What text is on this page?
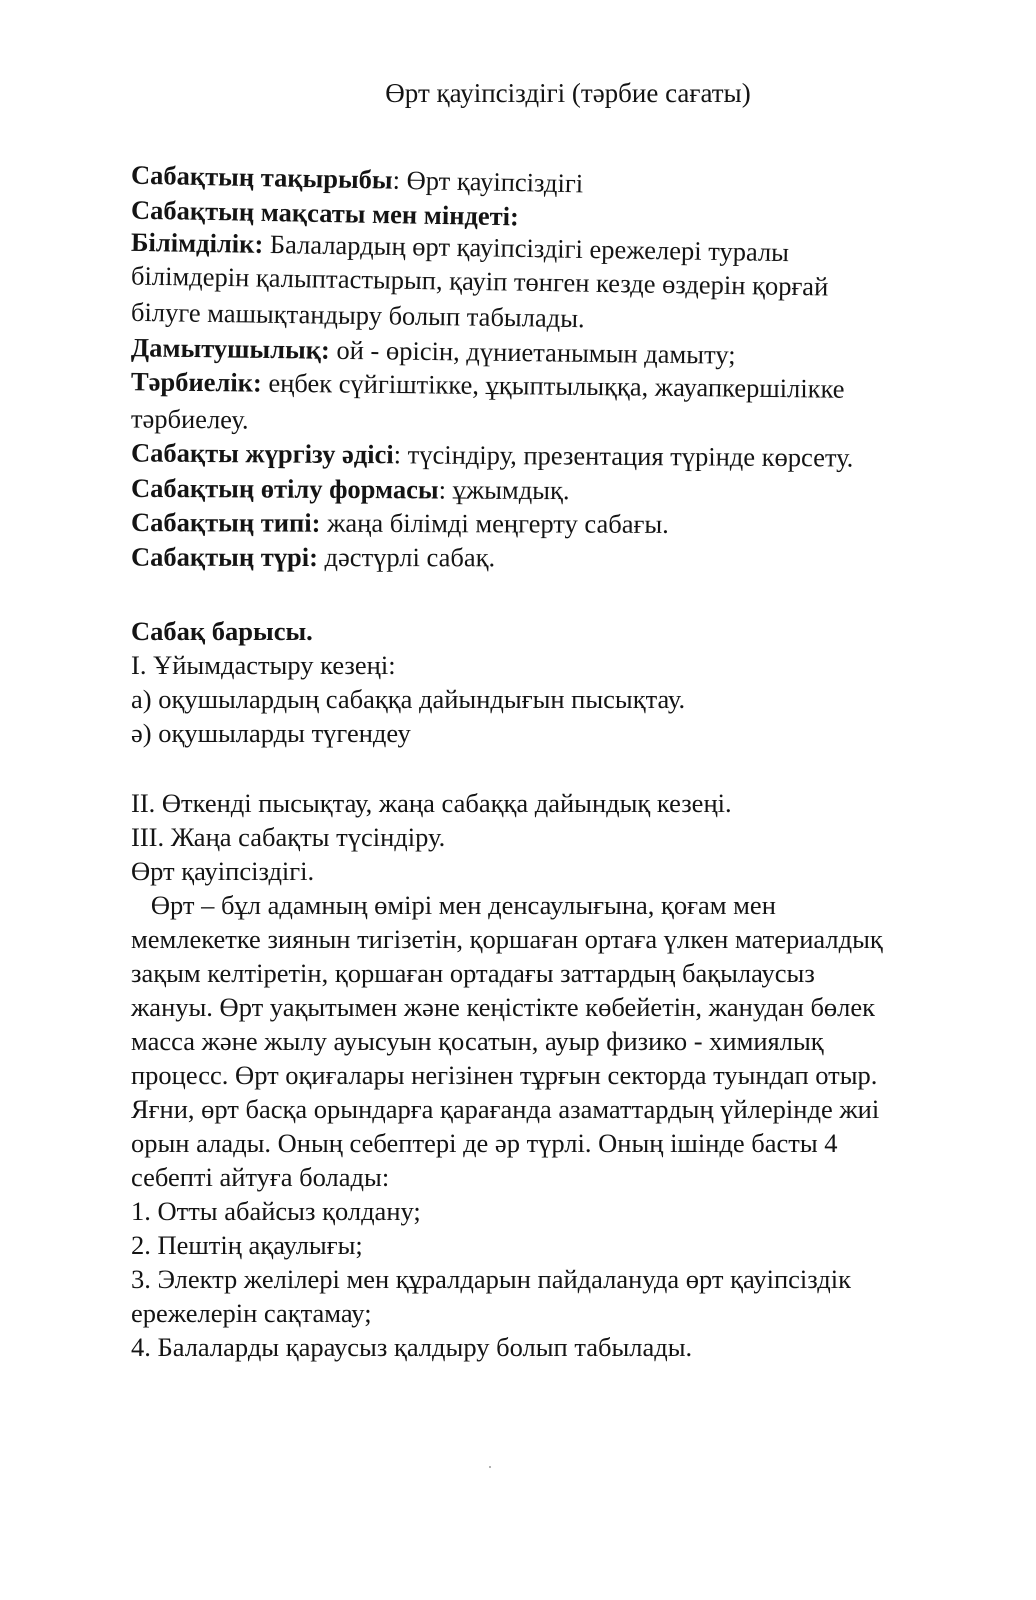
Өрт қауіпсіздігі (тәрбие сағаты)

Сабақтың тақырыбы: Өрт қауіпсіздігі

Сабақтың мақсаты мен міндеті:

Білімділік: Балалардың өрт қауіпсіздігі ережелері туралы

білімдерін қалыптастырып, қауіп төнген кезде өздерін қорғай

білуге машықтандыру болып табылады.

Дамытушылық: ой - өрісін, дүниетанымын дамыту;

Тәрбиелік: еңбек сүйгіштікке, ұқыптылыққа, жауапкершілікке

тәрбиелеу.

Сабақты жүргізу әдісі: түсіндіру, презентация түрінде көрсету.

Сабақтың өтілу формасы: ұжымдық.

Сабақтың типі: жаңа білімді меңгерту сабағы.

Сабақтың түрі: дәстүрлі сабақ.

Сабақ барысы.

І. Ұйымдастыру кезеңі:

а) оқушылардың сабаққа дайындығын пысықтау.

ә) оқушыларды түгендеу

ІІ. Өткенді пысықтау, жаңа сабаққа дайындық кезеңі.

ІІІ. Жаңа сабақты түсіндіру.

Өрт қауіпсіздігі.

Өрт – бұл адамның өмірі мен денсаулығына, қоғам мен

мемлекетке зиянын тигізетін, қоршаған ортаға үлкен материалдық

зақым келтіретін, қоршаған ортадағы заттардың бақылаусыз

жануы. Өрт уақытымен және кеңістікте көбейетін, жанудан бөлек

масса және жылу ауысуын қосатын, ауыр физико - химиялық

процесс. Өрт оқиғалары негізінен тұрғын секторда туындап отыр.

Яғни, өрт басқа орындарға қарағанда азаматтардың үйлерінде жиі

орын алады. Оның себептері де әр түрлі. Оның ішінде басты 4

себепті айтуға болады:

1. Отты абайсыз қолдану;

2. Пештің ақаулығы;

3. Электр желілері мен құралдарын пайдалануда өрт қауіпсіздік

ережелерін сақтамау;

4. Балаларды қараусыз қалдыру болып табылады.
